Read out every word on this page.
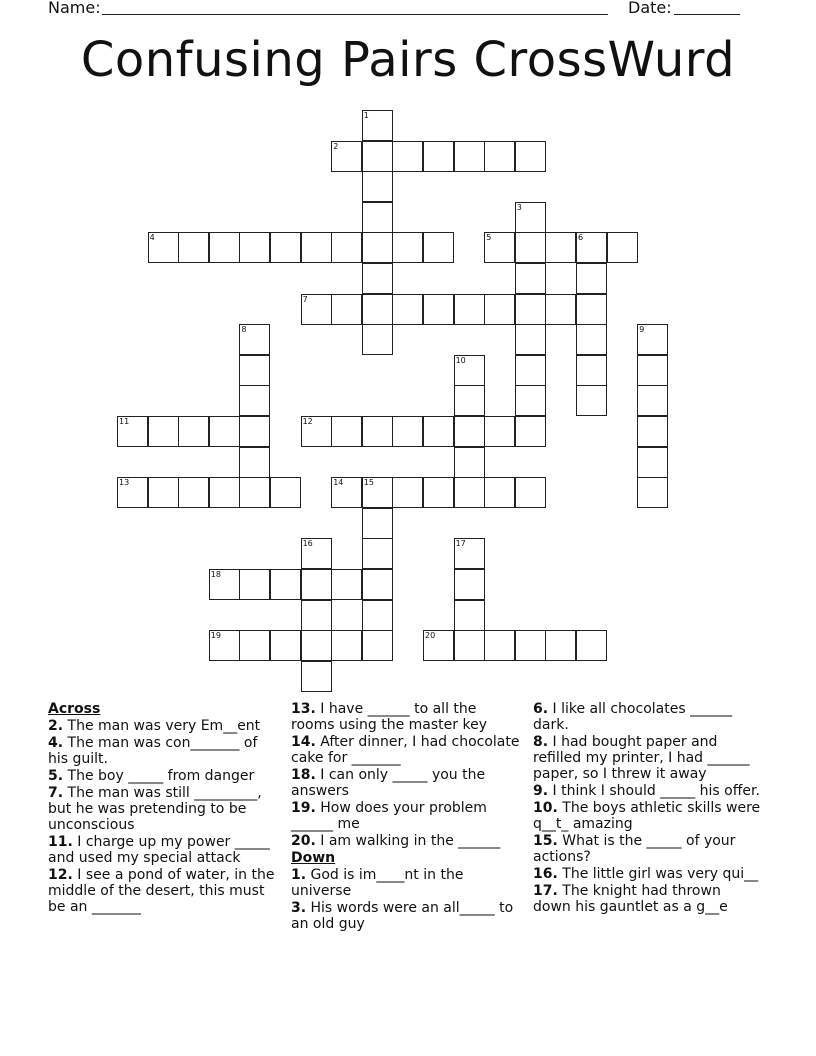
Name:	Date:
Confusing Pairs CrossWurd
2
4	5	6
7
11	12
13	14	15
18
19	20
1
3
8	9
10
16	17
Across
2. The man was very Em__ent
4. The man was con_______ of his guilt.
5. The boy _____ from danger
7. The man was still _________, but he was pretending to be unconscious
11. I charge up my power _____ and used my special attack
12. I see a pond of water, in the middle of the desert, this must be an _______
13. I have ______ to all the rooms using the master key
14. After dinner, I had chocolate cake for _______
18. I can only _____ you the answers
19. How does your problem ______ me
20. I am walking in the ______
Down
1. God is im____nt in the universe
3. His words were an all_____ to an old guy
6. I like all chocolates ______ dark.
8. I had bought paper and refilled my printer, I had ______ paper, so I threw it away
9. I think I should _____ his offer.
10. The boys athletic skills were q__t_ amazing
15. What is the _____ of your actions?
16. The little girl was very qui__
17. The knight had thrown down his gauntlet as a g__e
